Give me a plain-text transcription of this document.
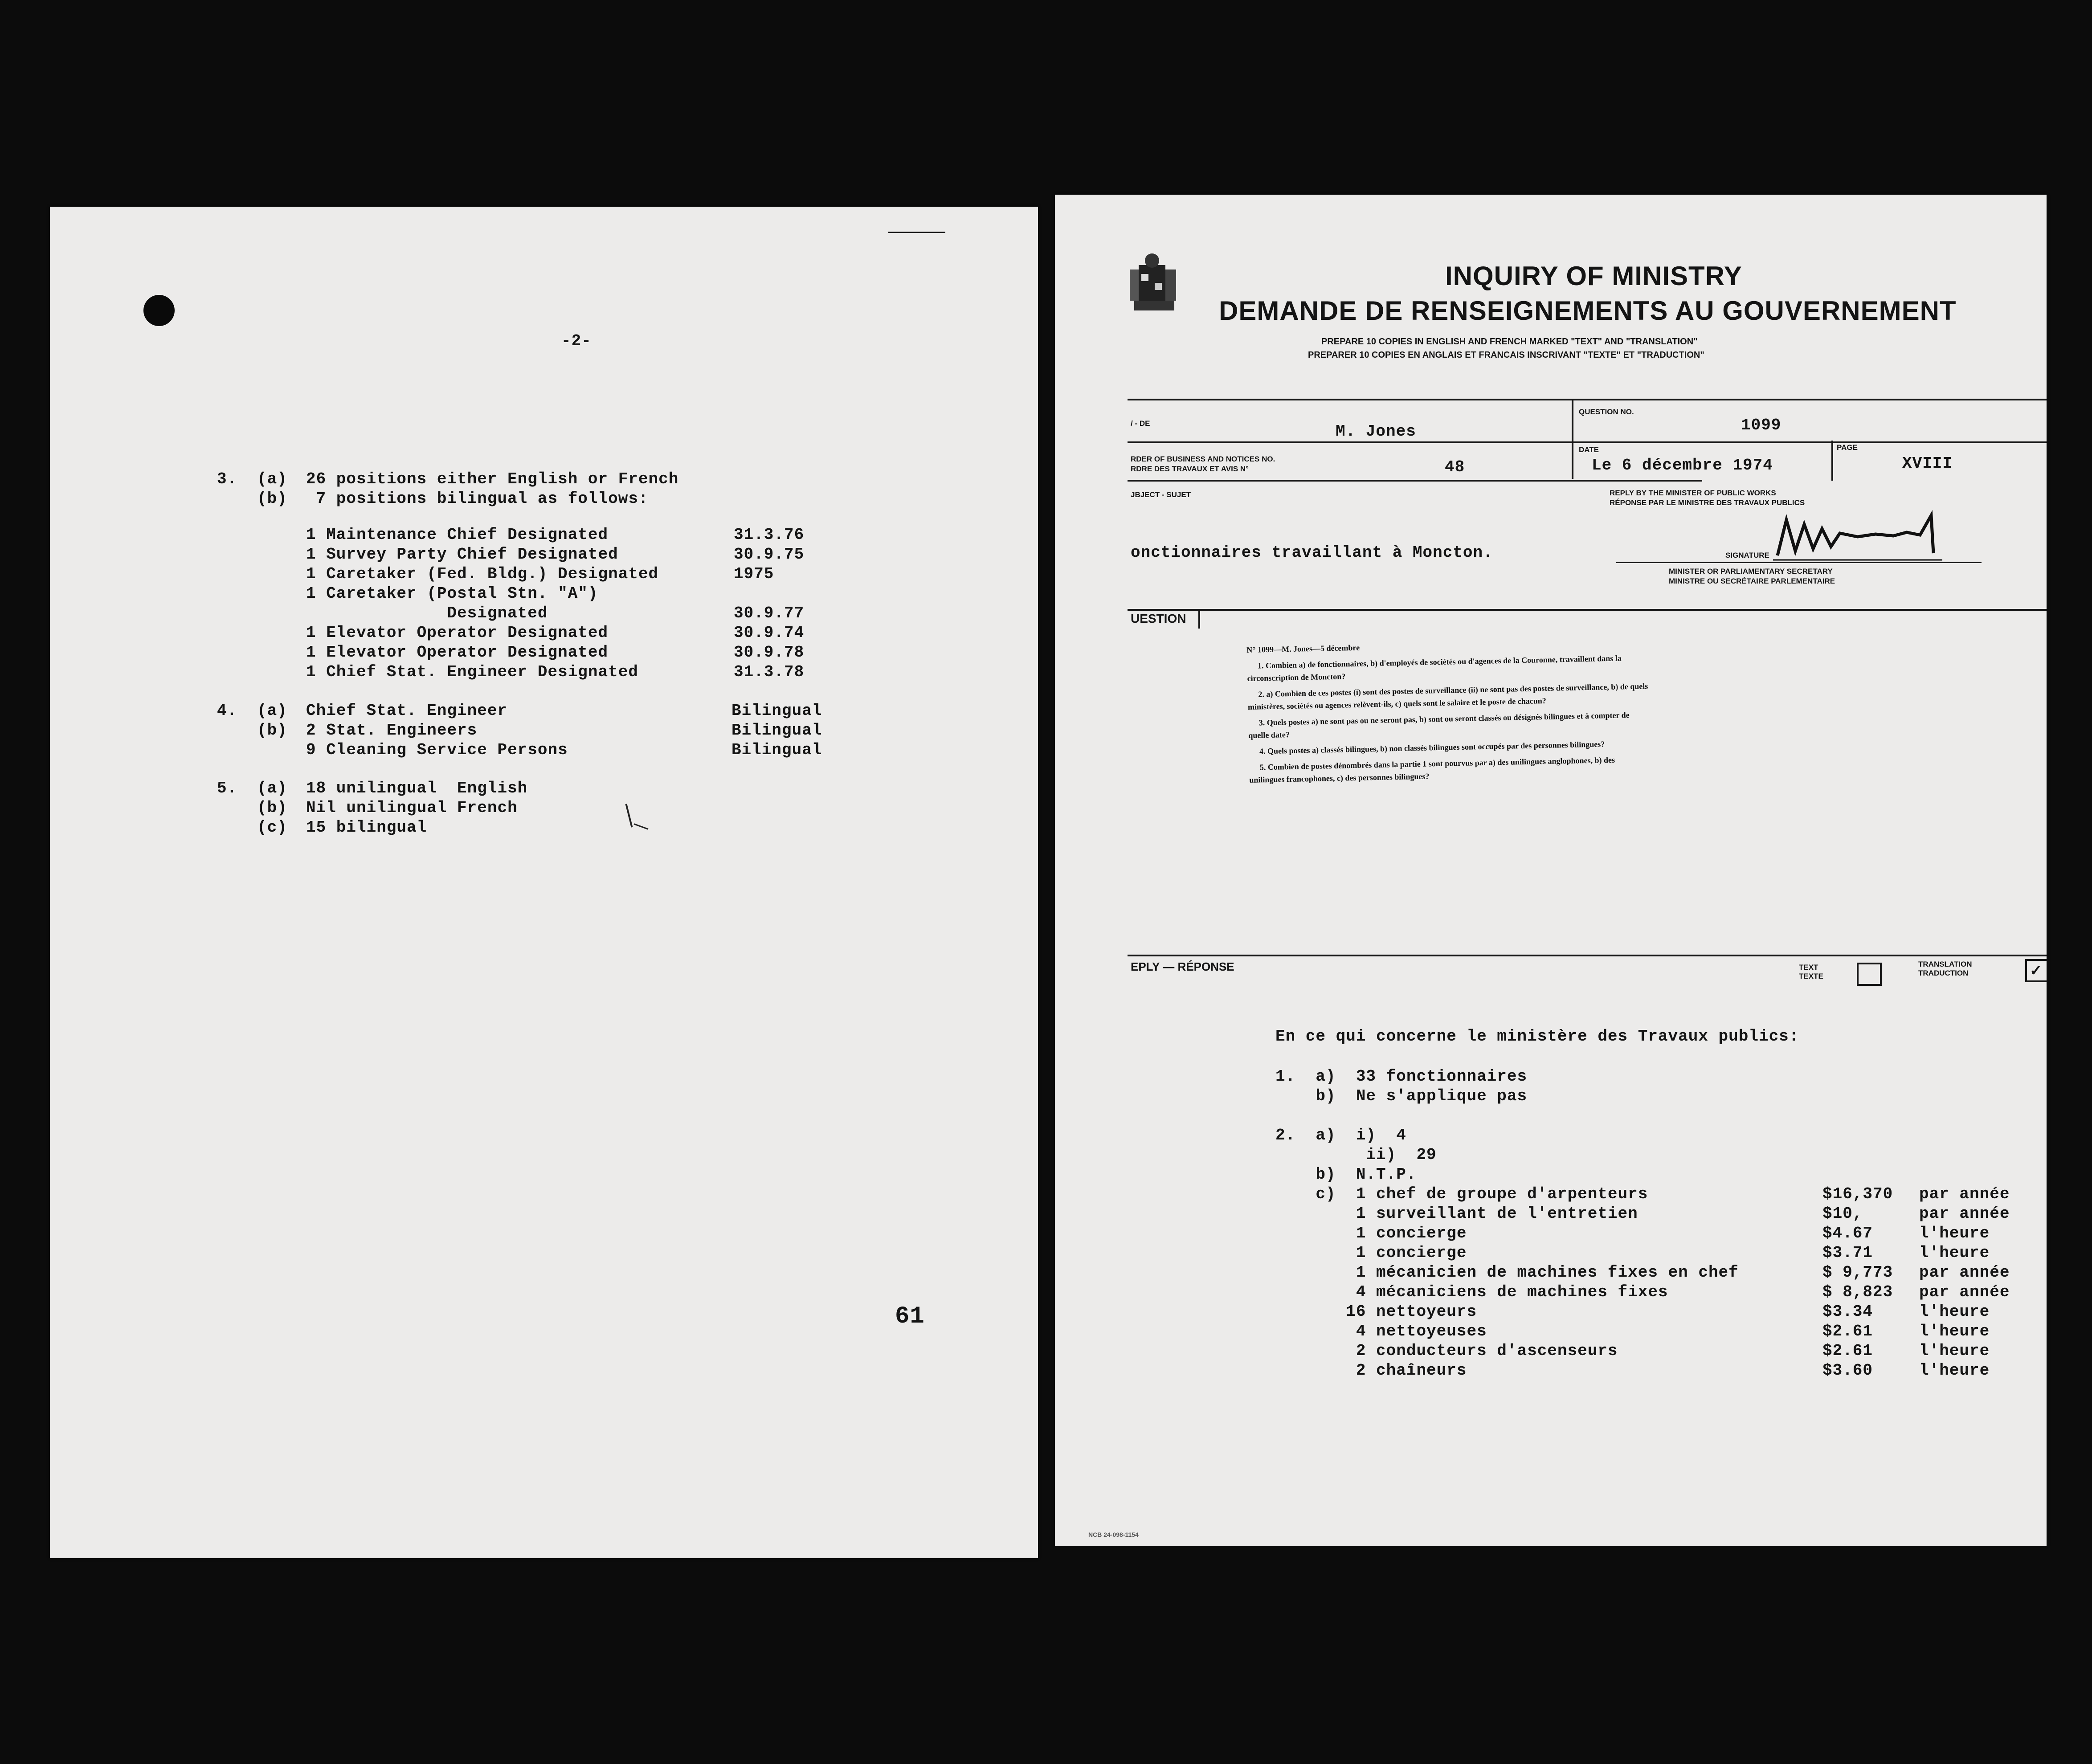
-2-
3. (a) 26 positions either English or French
(b) 7 positions bilingual as follows:
1 Maintenance Chief Designated	31.3.76
1 Survey Party Chief Designated	30.9.75
1 Caretaker (Fed. Bldg.) Designated	1975
1 Caretaker (Postal Stn. "A")
Designated	30.9.77
1 Elevator Operator Designated	30.9.74
1 Elevator Operator Designated	30.9.78
1 Chief Stat. Engineer Designated	31.3.78
4. (a) Chief Stat. Engineer	Bilingual
(b) 2 Stat. Engineers	Bilingual
9 Cleaning Service Persons	Bilingual
5. (a) 18 unilingual  English
(b) Nil unilingual French
(c) 15 bilingual
61
INQUIRY OF MINISTRY
DEMANDE DE RENSEIGNEMENTS AU GOUVERNEMENT
PREPARE 10 COPIES IN ENGLISH AND FRENCH MARKED "TEXT" AND "TRANSLATION"
PREPARER 10 COPIES EN ANGLAIS ET FRANCAIS INSCRIVANT "TEXTE" ET "TRADUCTION"
/ - DE	M. Jones
QUESTION NO.
1099
RDER OF BUSINESS AND NOTICES NO.
RDRE DES TRAVAUX ET AVIS N°	48
DATE
Le 6 décembre 1974
PAGE
XVIII
JBJECT - SUJET	REPLY BY THE MINISTER OF PUBLIC WORKS
RÉPONSE PAR LE MINISTRE DES TRAVAUX PUBLICS
onctionnaires travaillant à Moncton.	SIGNATURE
MINISTER OR PARLIAMENTARY SECRETARY
MINISTRE OU SECRÉTAIRE PARLEMENTAIRE
UESTION
N° 1099—M. Jones—5 décembre

1. Combien a) de fonctionnaires, b) d'employés de sociétés ou d'agences de la Couronne, travaillent dans la circonscription de Moncton?

2. a) Combien de ces postes (i) sont des postes de surveillance (ii) ne sont pas des postes de surveillance, b) de quels ministères, sociétés ou agences relèvent-ils, c) quels sont le salaire et le poste de chacun?

3. Quels postes a) ne sont pas ou ne seront pas, b) sont ou seront classés ou désignés bilingues et à compter de quelle date?

4. Quels postes a) classés bilingues, b) non classés bilingues sont occupés par des personnes bilingues?

5. Combien de postes dénombrés dans la partie 1 sont pourvus par a) des unilingues anglophones, b) des unilingues francophones, c) des personnes bilingues?

EPLY — RÉPONSE	TEXT
TEXTE
TRANSLATION
TRADUCTION	✓
En ce qui concerne le ministère des Travaux publics:
1.  a)  33 fonctionnaires
b)  Ne s'applique pas
2.  a)  i)  4
ii)  29
b)  N.T.P.
c)  1 chef de groupe d'arpenteurs	$16,370 par année
1 surveillant de l'entretien	$10,	par année
1 concierge	$4.67	l'heure
1 concierge	$3.71	l'heure
1 mécanicien de machines fixes en chef	$ 9,773 par année
4 mécaniciens de machines fixes	$ 8,823 par année
16 nettoyeurs	$3.34	l'heure
4 nettoyeuses	$2.61	l'heure
2 conducteurs d'ascenseurs	$2.61	l'heure
2 chaîneurs	$3.60	l'heure
NCB 24-098-1154
